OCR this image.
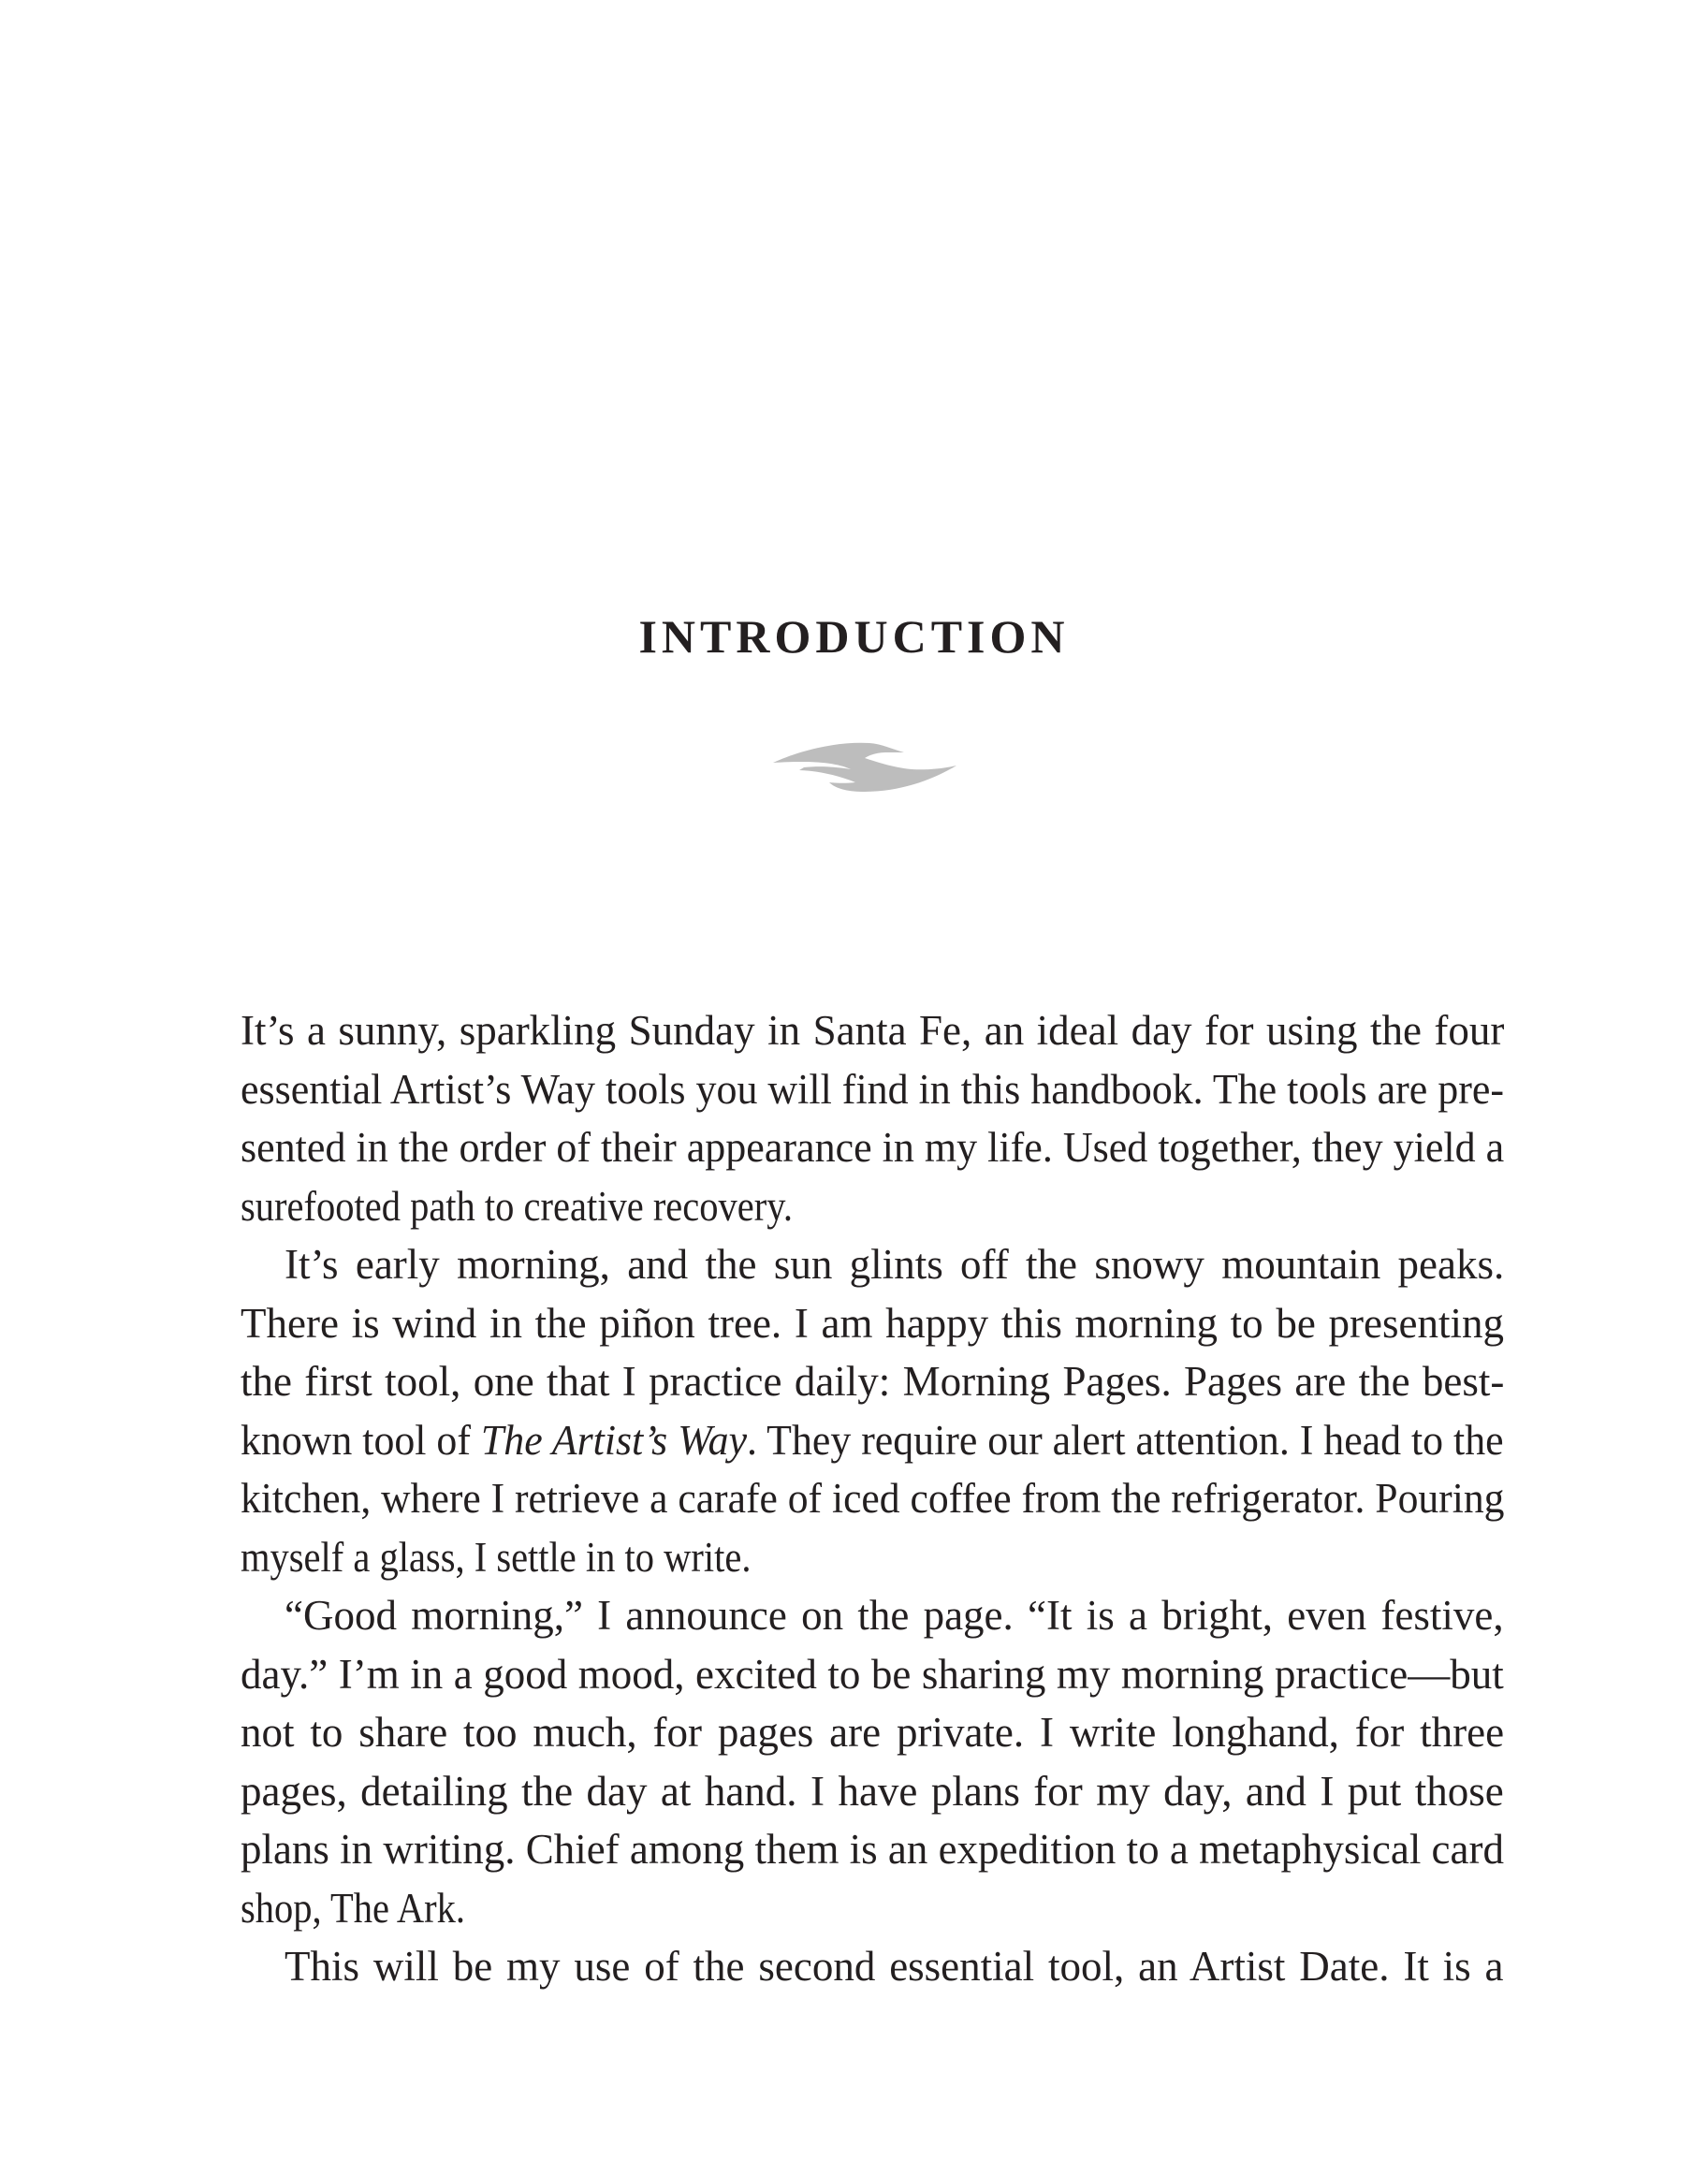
INTRODUCTION
It’s a sunny, sparkling Sunday in Santa Fe, an ideal day for using the four
essential Artist’s Way tools you will find in this handbook. The tools are pre-
sented in the order of their appearance in my life. Used together, they yield a
surefooted path to creative recovery.
It’s early morning, and the sun glints off the snowy mountain peaks.
There is wind in the piñon tree. I am happy this morning to be presenting
the first tool, one that I practice daily: Morning Pages. Pages are the best-
known tool of The Artist’s Way. They require our alert attention. I head to the
kitchen, where I retrieve a carafe of iced coffee from the refrigerator. Pouring
myself a glass, I settle in to write.
“Good morning,” I announce on the page. “It is a bright, even festive,
day.” I’m in a good mood, excited to be sharing my morning practice—but
not to share too much, for pages are private. I write longhand, for three
pages, detailing the day at hand. I have plans for my day, and I put those
plans in writing. Chief among them is an expedition to a metaphysical card
shop, The Ark.
This will be my use of the second essential tool, an Artist Date. It is a
